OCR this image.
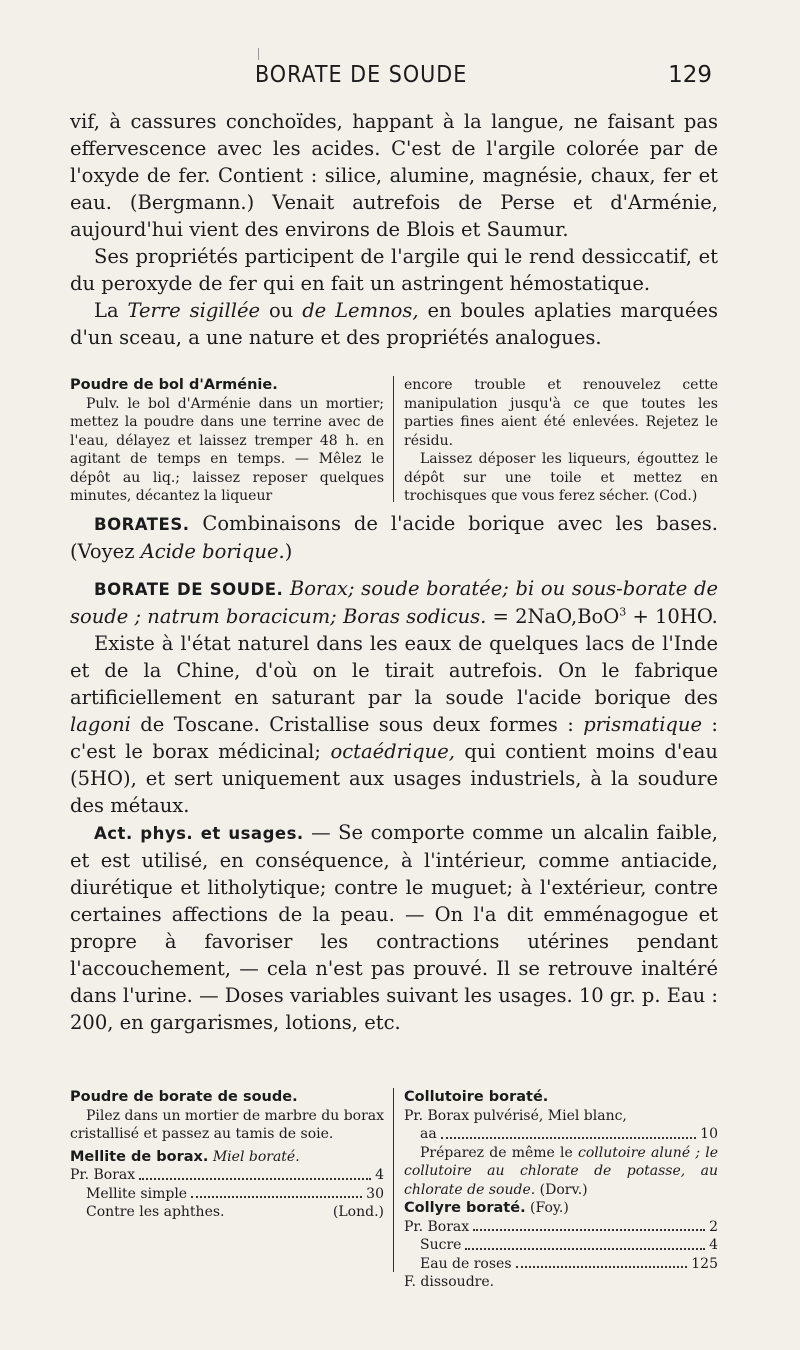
BORATE DE SOUDE	129

vif, à cassures conchoïdes, happant à la langue, ne faisant pas effervescence avec les acides. C'est de l'argile colorée par de l'oxyde de fer. Contient : silice, alumine, magnésie, chaux, fer et eau. (Bergmann.) Venait autrefois de Perse et d'Arménie, aujourd'hui vient des environs de Blois et Saumur.

Ses propriétés participent de l'argile qui le rend dessiccatif, et du peroxyde de fer qui en fait un astringent hémostatique.

La Terre sigillée ou de Lemnos, en boules aplaties marquées d'un sceau, a une nature et des propriétés analogues.

Poudre de bol d'Arménie.

Pulv. le bol d'Arménie dans un mortier; mettez la poudre dans une terrine avec de l'eau, délayez et laissez tremper 48 h. en agitant de temps en temps. — Mêlez le dépôt au liq.; laissez reposer quelques minutes, décantez la liqueur

encore trouble et renouvelez cette manipulation jusqu'à ce que toutes les parties fines aient été enlevées. Rejetez le résidu.

Laissez déposer les liqueurs, égouttez le dépôt sur une toile et mettez en trochisques que vous ferez sécher. (Cod.)

BORATES. Combinaisons de l'acide borique avec les bases. (Voyez Acide borique.)

BORATE DE SOUDE. Borax; soude boratée; bi ou sous-borate de soude ; natrum boracicum; Boras sodicus. = 2NaO,BoO$^3$ + 10HO.

Existe à l'état naturel dans les eaux de quelques lacs de l'Inde et de la Chine, d'où on le tirait autrefois. On le fabrique artificiellement en saturant par la soude l'acide borique des lagoni de Toscane. Cristallise sous deux formes : prismatique : c'est le borax médicinal; octaédrique, qui contient moins d'eau (5HO), et sert uniquement aux usages industriels, à la soudure des métaux.

Act. phys. et usages. — Se comporte comme un alcalin faible, et est utilisé, en conséquence, à l'intérieur, comme antiacide, diurétique et litholytique; contre le muguet; à l'extérieur, contre certaines affections de la peau. — On l'a dit emménagogue et propre à favoriser les contractions utérines pendant l'accouchement, — cela n'est pas prouvé. Il se retrouve inaltéré dans l'urine. — Doses variables suivant les usages. 10 gr. p. Eau : 200, en gargarismes, lotions, etc.

Poudre de borate de soude.

Pilez dans un mortier de marbre du borax cristallisé et passez au tamis de soie.

Mellite de borax. Miel boraté.
Pr. Borax	4
Mellite simple	30
Contre les aphthes.	(Lond.)
Collutoire boraté.

Pr. Borax pulvérisé, Miel blanc,

aa	10

Préparez de même le collutoire aluné ; le collutoire au chlorate de potasse, au chlorate de soude. (Dorv.)

Collyre boraté. (Foy.)
Pr. Borax	2
Sucre	4
Eau de roses	125

F. dissoudre.
